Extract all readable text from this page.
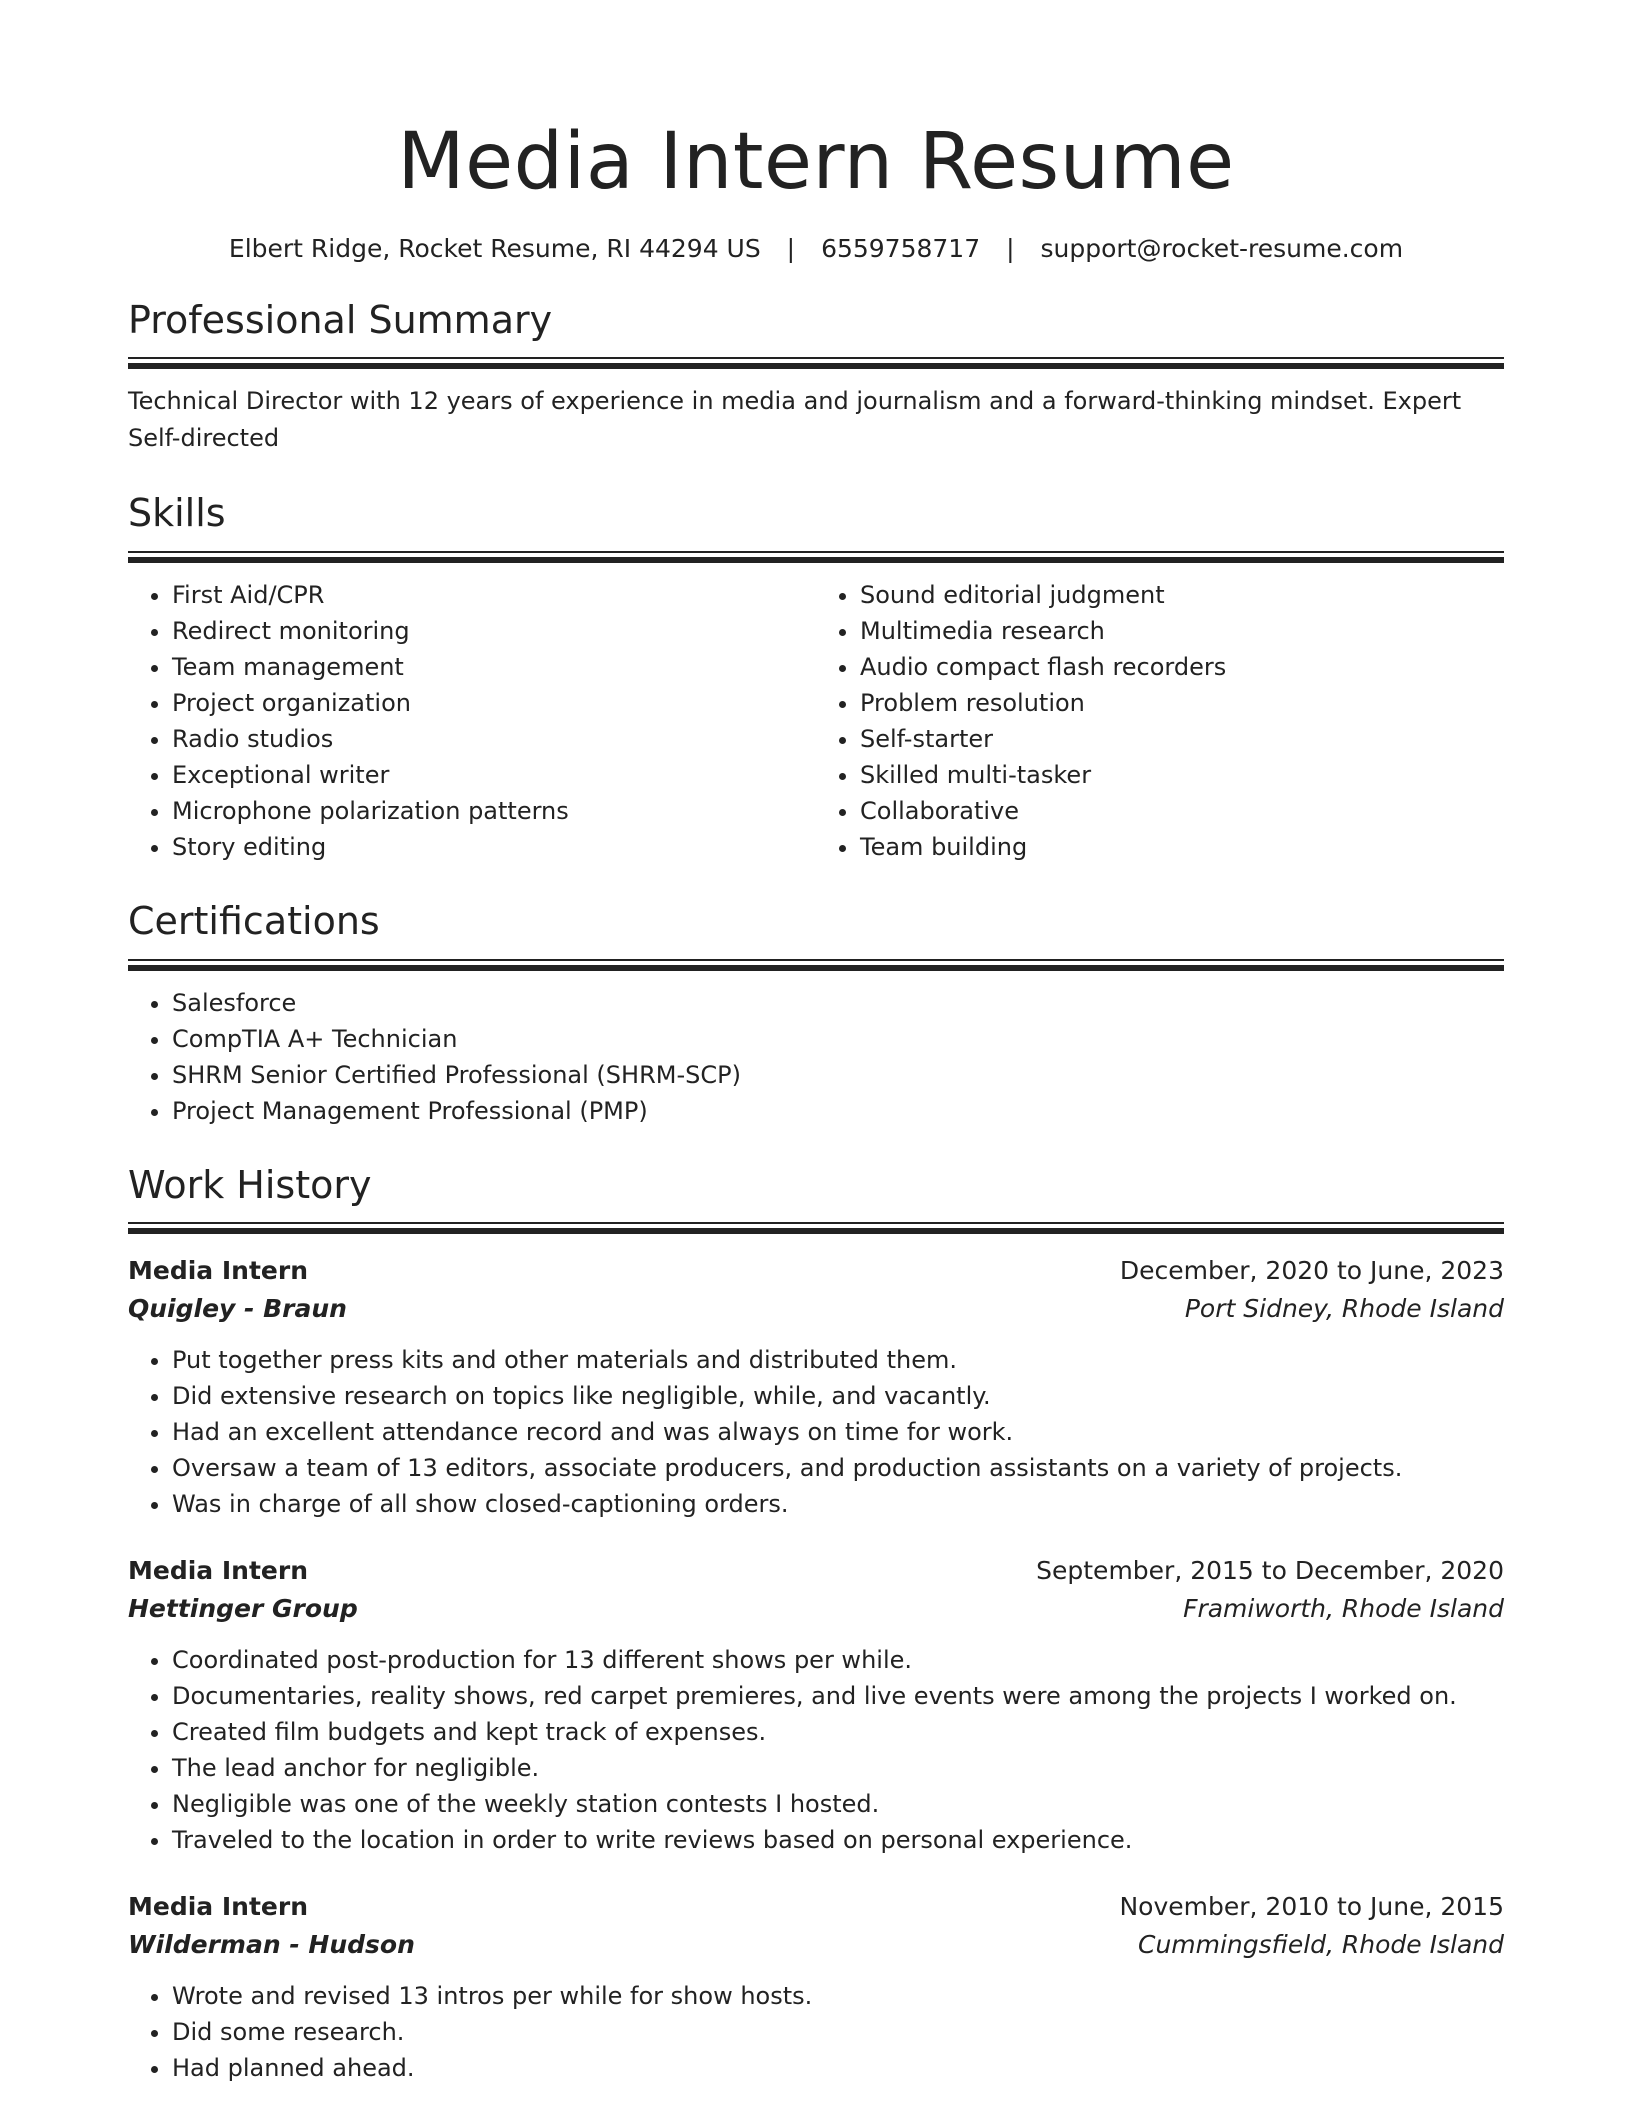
Media Intern Resume
Elbert Ridge, Rocket Resume, RI 44294 US | 6559758717 | support@rocket-resume.com
Professional Summary
Technical Director with 12 years of experience in media and journalism and a forward-thinking mindset. Expert Self-directed
Skills
• First Aid/CPR
• Redirect monitoring
• Team management
• Project organization
• Radio studios
• Exceptional writer
• Microphone polarization patterns
• Story editing
• Sound editorial judgment
• Multimedia research
• Audio compact flash recorders
• Problem resolution
• Self-starter
• Skilled multi-tasker
• Collaborative
• Team building
Certifications
• Salesforce
• CompTIA A+ Technician
• SHRM Senior Certified Professional (SHRM-SCP)
• Project Management Professional (PMP)
Work History
Media Intern	December, 2020 to June, 2023
Quigley - Braun	Port Sidney, Rhode Island
• Put together press kits and other materials and distributed them.
• Did extensive research on topics like negligible, while, and vacantly.
• Had an excellent attendance record and was always on time for work.
• Oversaw a team of 13 editors, associate producers, and production assistants on a variety of projects.
• Was in charge of all show closed-captioning orders.
Media Intern	September, 2015 to December, 2020
Hettinger Group	Framiworth, Rhode Island
• Coordinated post-production for 13 different shows per while.
• Documentaries, reality shows, red carpet premieres, and live events were among the projects I worked on.
• Created film budgets and kept track of expenses.
• The lead anchor for negligible.
• Negligible was one of the weekly station contests I hosted.
• Traveled to the location in order to write reviews based on personal experience.
Media Intern	November, 2010 to June, 2015
Wilderman - Hudson	Cummingsfield, Rhode Island
• Wrote and revised 13 intros per while for show hosts.
• Did some research.
• Had planned ahead.
